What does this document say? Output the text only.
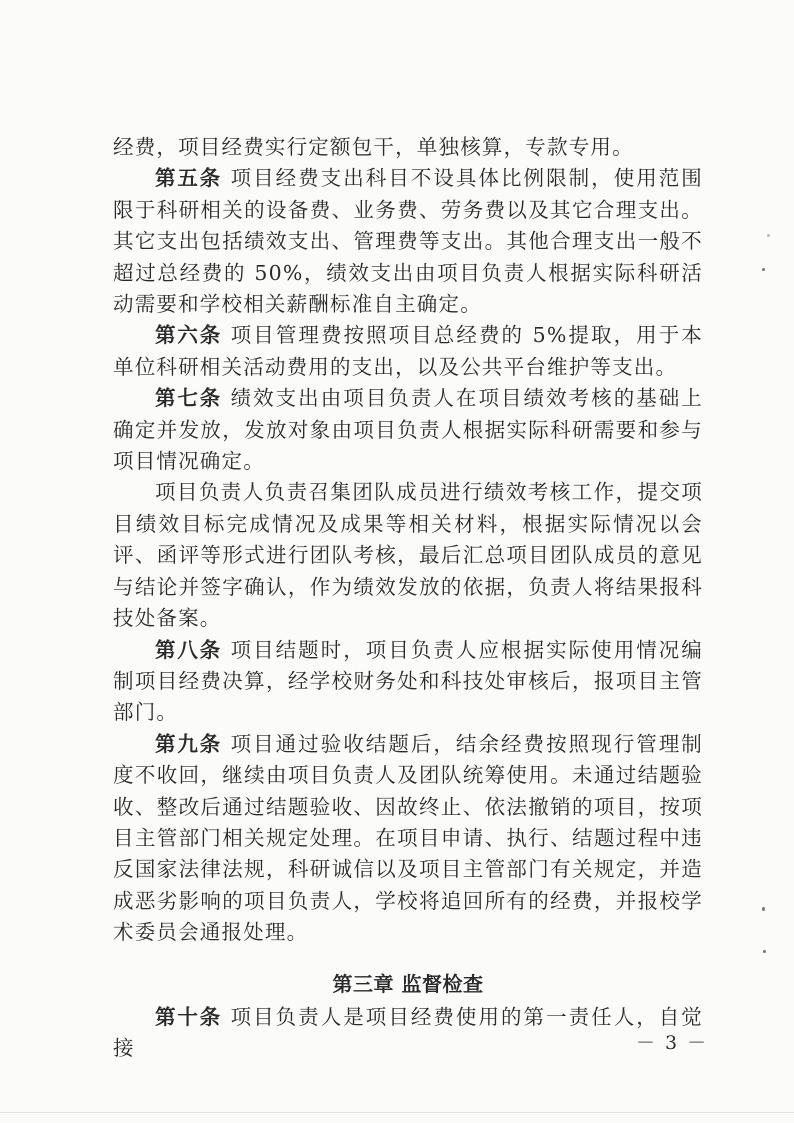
经费，项目经费实行定额包干，单独核算，专款专用。

第五条 项目经费支出科目不设具体比例限制，使用范围限于科研相关的设备费、业务费、劳务费以及其它合理支出。其它支出包括绩效支出、管理费等支出。其他合理支出一般不超过总经费的 50%，绩效支出由项目负责人根据实际科研活动需要和学校相关薪酬标准自主确定。

第六条 项目管理费按照项目总经费的 5%提取，用于本单位科研相关活动费用的支出，以及公共平台维护等支出。

第七条 绩效支出由项目负责人在项目绩效考核的基础上确定并发放，发放对象由项目负责人根据实际科研需要和参与项目情况确定。

项目负责人负责召集团队成员进行绩效考核工作，提交项目绩效目标完成情况及成果等相关材料，根据实际情况以会评、函评等形式进行团队考核，最后汇总项目团队成员的意见与结论并签字确认，作为绩效发放的依据，负责人将结果报科技处备案。

第八条 项目结题时，项目负责人应根据实际使用情况编制项目经费决算，经学校财务处和科技处审核后，报项目主管部门。

第九条 项目通过验收结题后，结余经费按照现行管理制度不收回，继续由项目负责人及团队统筹使用。未通过结题验收、整改后通过结题验收、因故终止、依法撤销的项目，按项目主管部门相关规定处理。在项目申请、执行、结题过程中违反国家法律法规，科研诚信以及项目主管部门有关规定，并造成恶劣影响的项目负责人，学校将追回所有的经费，并报校学术委员会通报处理。

第三章 监督检查

第十条 项目负责人是项目经费使用的第一责任人，自觉接	－ 3 －
